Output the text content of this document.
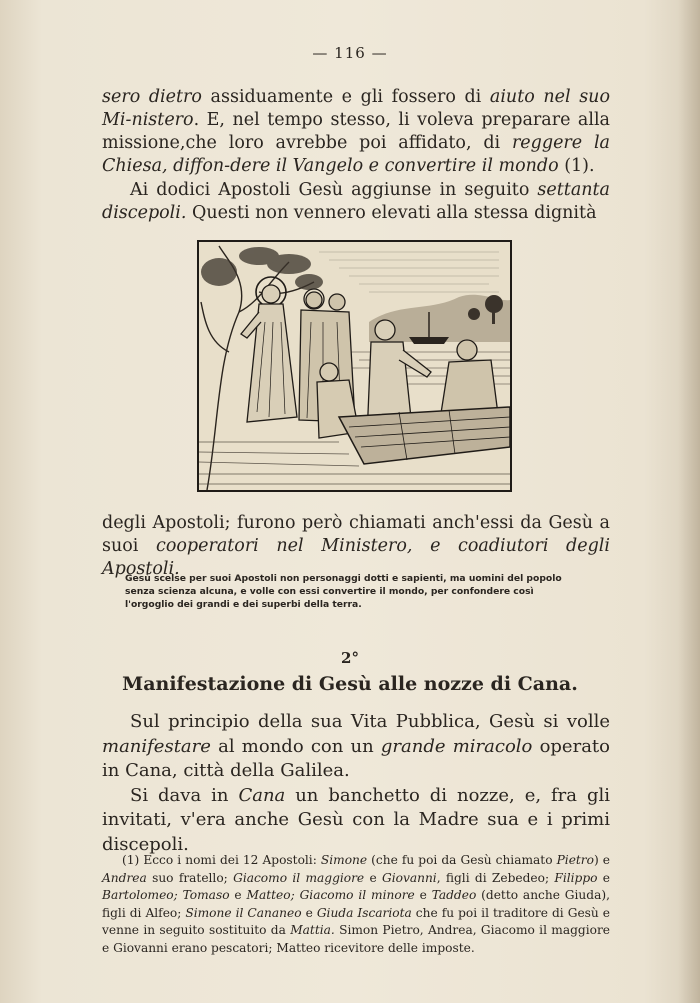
— 116 —

sero dietro assiduamente e gli fossero di aiuto nel suo Mi-nistero. E, nel tempo stesso, li voleva preparare alla missione,che loro avrebbe poi affidato, di reggere la Chiesa, diffon-dere il Vangelo e convertire il mondo (1).

Ai dodici Apostoli Gesù aggiunse in seguito settanta discepoli. Questi non vennero elevati alla stessa dignità

degli Apostoli; furono però chiamati anch'essi da Gesù a suoi cooperatori nel Ministero, e coadiutori degli Apostoli.

Gesù scelse per suoi Apostoli non personaggi dotti e sapienti, ma uomini del popolo senza scienza alcuna, e volle con essi convertire il mondo, per confondere così l'orgoglio dei grandi e dei superbi della terra.
2°
Manifestazione di Gesù alle nozze di Cana.

Sul principio della sua Vita Pubblica, Gesù si volle manifestare al mondo con un grande miracolo operato in Cana, città della Galilea.

Si dava in Cana un banchetto di nozze, e, fra gli invitati, v'era anche Gesù con la Madre sua e i primi discepoli.

(1) Ecco i nomi dei 12 Apostoli: Simone (che fu poi da Gesù chiamato Pietro) e Andrea suo fratello; Giacomo il maggiore e Giovanni, figli di Zebedeo; Filippo e Bartolomeo; Tomaso e Matteo; Giacomo il minore e Taddeo (detto anche Giuda), figli di Alfeo; Simone il Cananeo e Giuda Iscariota che fu poi il traditore di Gesù e venne in seguito sostituito da Mattia. Simon Pietro, Andrea, Giacomo il maggiore e Giovanni erano pescatori; Matteo ricevitore delle imposte.
